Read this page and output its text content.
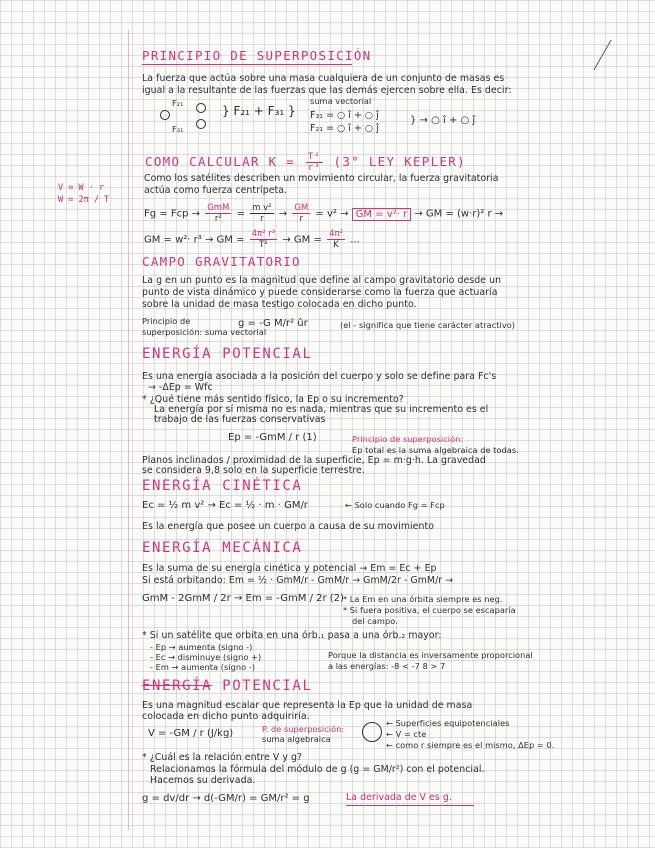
PRINCIPIO DE SUPERPOSICIÓN
La fuerza que actúa sobre una masa cualquiera de un conjunto de masas es
igual a la resultante de las fuerzas que las demás ejercen sobre ella. Es decir:
F₂₁
F₃₁
} F₂₁ + F₃₁ }
suma vectorial
F₃₁ = ○ î + ○ ĵ
F₂₁ = ○ î + ○ ĵ
} → ○ î + ○ ĵ
COMO CALCULAR $K = \frac{\text{T²}}{\text{r³}} (3^\circ$ LEY KEPLER)
V = W · r
W = 2π / T
Como los satélites describen un movimiento circular, la fuerza gravitatoria
actúa como fuerza centrípeta.
Fg = Fcp → $\frac{\text{GmM}}{\text{r²}} = \frac{\text{m v²}}{r} \to \frac{GM}{r} = v^2$ → GM = v²· r → GM = (w·r)² r →
GM = w²· r³ → GM = $\frac{\text{4π² r³}}{\text{T²}}$ → GM = $\frac{\text{4π²}}{K}$ ...
CAMPO GRAVITATORIO
La g en un punto es la magnitud que define al campo gravitatorio desde un
punto de vista dinámico y puede considerarse como la fuerza que actuaría
sobre la unidad de masa testigo colocada en dicho punto.
Principio de
superposición: suma vectorial
g = -G M/r² ûr	(el - significa que tiene carácter atractivo)
ENERGÍA POTENCIAL
Es una energía asociada a la posición del cuerpo y solo se define para Fc's
→ -ΔEp = Wfc
* ¿Qué tiene más sentido físico, la Ep o su incremento?
La energía por sí misma no es nada, mientras que su incremento es el
trabajo de las fuerzas conservativas
Ep = -GmM / r (1)	Principio de superposición:
Ep total es la suma algebraica de todas.
Planos inclinados / proximidad de la superficie, Ep = m·g·h. La gravedad
se considera 9,8 solo en la superficie terrestre.
ENERGÍA CINÉTICA
Ec = ½ m v² → Ec = ½ · m · GM/r	← Solo cuando Fg = Fcp
Es la energía que posee un cuerpo a causa de su movimiento
ENERGÍA MECÁNICA
Es la suma de su energía cinética y potencial → Em = Ec + Ep
Si está orbitando: Em = ½ · GmM/r - GmM/r → GmM/2r - GmM/r →
GmM - 2GmM / 2r → Em = -GmM / 2r (2) * La Em en una órbita siempre es neg.
* Si fuera positiva, el cuerpo se escaparía
del campo.
* Si un satélite que orbita en una órb.₁ pasa a una órb.₂ mayor:
- Ep → aumenta (signo -)
- Ec → disminuye (signo +)
- Em → aumenta (signo -)
Porque la distancia es inversamente proporcional
a las energías: -8 < -7 8 > 7
ENERGÍA POTENCIAL
Es una magnitud escalar que representa la Ep que la unidad de masa
colocada en dicho punto adquiriría.
V = -GM / r (J/kg)	P. de superposición:
suma algebraica
← Superficies equipotenciales
← V = cte
← como r siempre es el mismo, ΔEp = 0.
* ¿Cuál es la relación entre V y g?
Relacionamos la fórmula del módulo de g (g = GM/r²) con el potencial.
Hacemos su derivada.
g = dv/dr → d(-GM/r) = GM/r² = g	La derivada de V es g.
